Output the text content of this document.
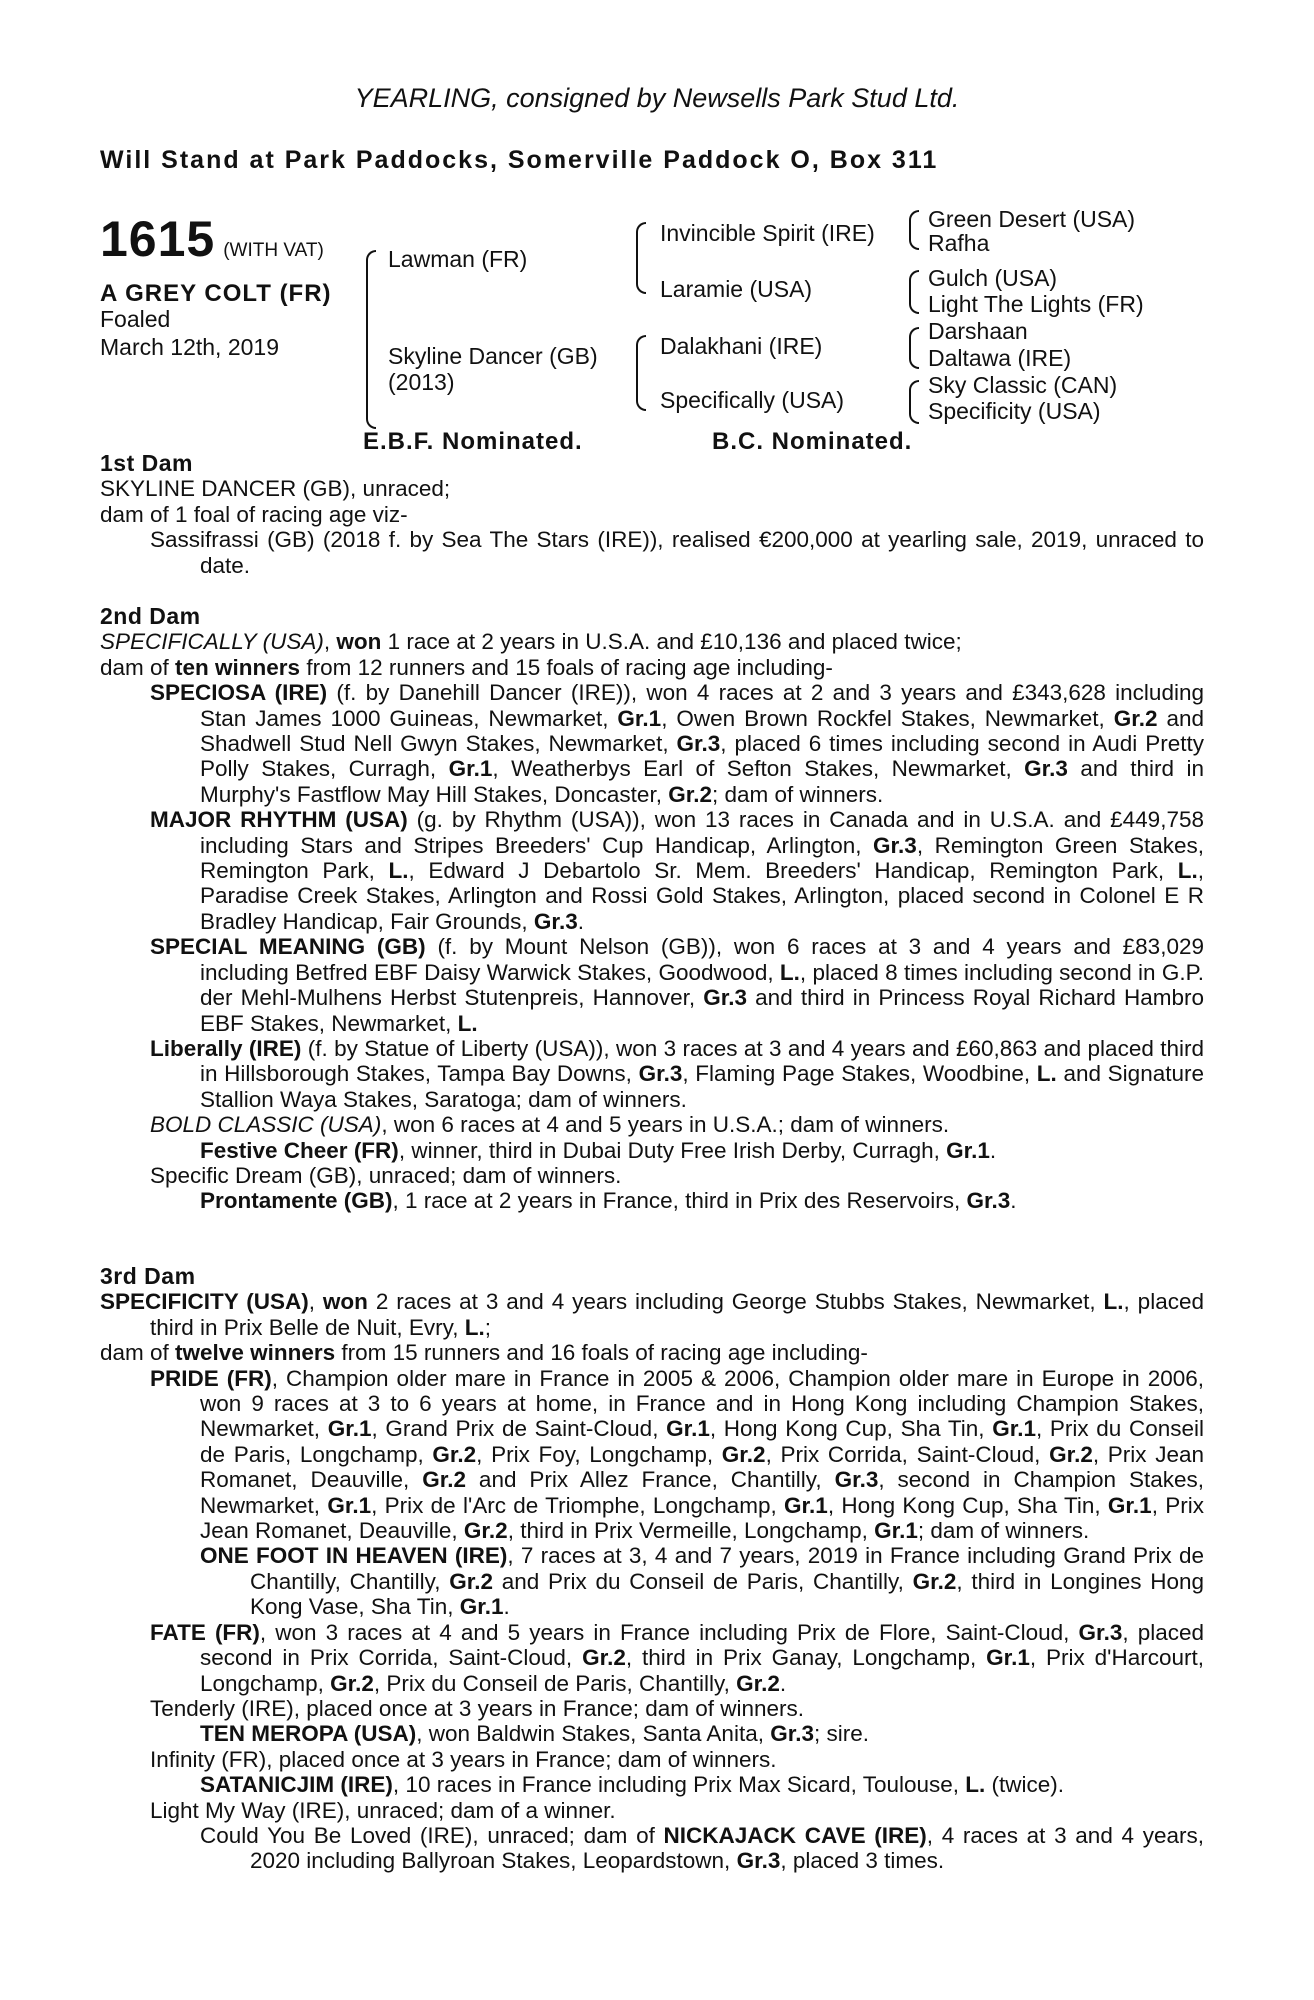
YEARLING, consigned by Newsells Park Stud Ltd.
Will Stand at Park Paddocks, Somerville Paddock O, Box 311
1615 (WITH VAT)
A GREY COLT (FR)
Foaled
March 12th, 2019
Lawman (FR)
Skyline Dancer (GB)
(2013)
Invincible Spirit (IRE)
Laramie (USA)
Dalakhani (IRE)
Specifically (USA)
Green Desert (USA)
Rafha
Gulch (USA)
Light The Lights (FR)
Darshaan
Daltawa (IRE)
Sky Classic (CAN)
Specificity (USA)
E.B.F. Nominated.	B.C. Nominated.

1st Dam

SKYLINE DANCER (GB), unraced;

dam of 1 foal of racing age viz-

Sassifrassi (GB) (2018 f. by Sea The Stars (IRE)), realised €200,000 at yearling sale, 2019, unraced to date.

2nd Dam

SPECIFICALLY (USA), won 1 race at 2 years in U.S.A. and £10,136 and placed twice;

dam of ten winners from 12 runners and 15 foals of racing age including-

SPECIOSA (IRE) (f. by Danehill Dancer (IRE)), won 4 races at 2 and 3 years and £343,628 including Stan James 1000 Guineas, Newmarket, Gr.1, Owen Brown Rockfel Stakes, Newmarket, Gr.2 and Shadwell Stud Nell Gwyn Stakes, Newmarket, Gr.3, placed 6 times including second in Audi Pretty Polly Stakes, Curragh, Gr.1, Weatherbys Earl of Sefton Stakes, Newmarket, Gr.3 and third in Murphy's Fastflow May Hill Stakes, Doncaster, Gr.2; dam of winners.

MAJOR RHYTHM (USA) (g. by Rhythm (USA)), won 13 races in Canada and in U.S.A. and £449,758 including Stars and Stripes Breeders' Cup Handicap, Arlington, Gr.3, Remington Green Stakes, Remington Park, L., Edward J Debartolo Sr. Mem. Breeders' Handicap, Remington Park, L., Paradise Creek Stakes, Arlington and Rossi Gold Stakes, Arlington, placed second in Colonel E R Bradley Handicap, Fair Grounds, Gr.3.

SPECIAL MEANING (GB) (f. by Mount Nelson (GB)), won 6 races at 3 and 4 years and £83,029 including Betfred EBF Daisy Warwick Stakes, Goodwood, L., placed 8 times including second in G.P. der Mehl-Mulhens Herbst Stutenpreis, Hannover, Gr.3 and third in Princess Royal Richard Hambro EBF Stakes, Newmarket, L.

Liberally (IRE) (f. by Statue of Liberty (USA)), won 3 races at 3 and 4 years and £60,863 and placed third in Hillsborough Stakes, Tampa Bay Downs, Gr.3, Flaming Page Stakes, Woodbine, L. and Signature Stallion Waya Stakes, Saratoga; dam of winners.

BOLD CLASSIC (USA), won 6 races at 4 and 5 years in U.S.A.; dam of winners.

Festive Cheer (FR), winner, third in Dubai Duty Free Irish Derby, Curragh, Gr.1.

Specific Dream (GB), unraced; dam of winners.

Prontamente (GB), 1 race at 2 years in France, third in Prix des Reservoirs, Gr.3.

3rd Dam

SPECIFICITY (USA), won 2 races at 3 and 4 years including George Stubbs Stakes, Newmarket, L., placed third in Prix Belle de Nuit, Evry, L.;

dam of twelve winners from 15 runners and 16 foals of racing age including-

PRIDE (FR), Champion older mare in France in 2005 & 2006, Champion older mare in Europe in 2006, won 9 races at 3 to 6 years at home, in France and in Hong Kong including Champion Stakes, Newmarket, Gr.1, Grand Prix de Saint-Cloud, Gr.1, Hong Kong Cup, Sha Tin, Gr.1, Prix du Conseil de Paris, Longchamp, Gr.2, Prix Foy, Longchamp, Gr.2, Prix Corrida, Saint-Cloud, Gr.2, Prix Jean Romanet, Deauville, Gr.2 and Prix Allez France, Chantilly, Gr.3, second in Champion Stakes, Newmarket, Gr.1, Prix de l'Arc de Triomphe, Longchamp, Gr.1, Hong Kong Cup, Sha Tin, Gr.1, Prix Jean Romanet, Deauville, Gr.2, third in Prix Vermeille, Longchamp, Gr.1; dam of winners.

ONE FOOT IN HEAVEN (IRE), 7 races at 3, 4 and 7 years, 2019 in France including Grand Prix de Chantilly, Chantilly, Gr.2 and Prix du Conseil de Paris, Chantilly, Gr.2, third in Longines Hong Kong Vase, Sha Tin, Gr.1.

FATE (FR), won 3 races at 4 and 5 years in France including Prix de Flore, Saint-Cloud, Gr.3, placed second in Prix Corrida, Saint-Cloud, Gr.2, third in Prix Ganay, Longchamp, Gr.1, Prix d'Harcourt, Longchamp, Gr.2, Prix du Conseil de Paris, Chantilly, Gr.2.

Tenderly (IRE), placed once at 3 years in France; dam of winners.

TEN MEROPA (USA), won Baldwin Stakes, Santa Anita, Gr.3; sire.

Infinity (FR), placed once at 3 years in France; dam of winners.

SATANICJIM (IRE), 10 races in France including Prix Max Sicard, Toulouse, L. (twice).

Light My Way (IRE), unraced; dam of a winner.

Could You Be Loved (IRE), unraced; dam of NICKAJACK CAVE (IRE), 4 races at 3 and 4 years, 2020 including Ballyroan Stakes, Leopardstown, Gr.3, placed 3 times.
